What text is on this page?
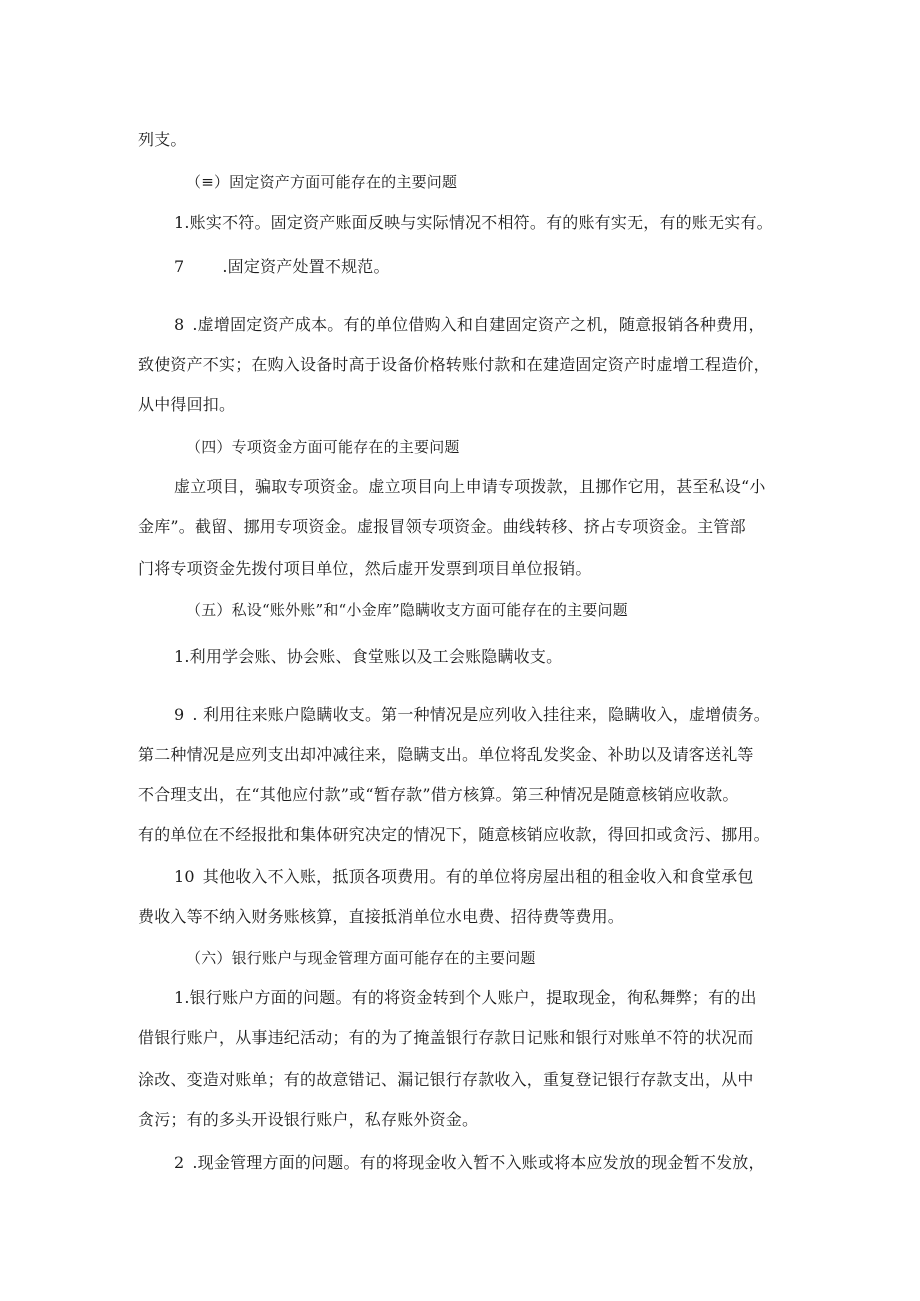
列支。
（≡）固定资产方面可能存在的主要问题
1.账实不符。固定资产账面反映与实际情况不相符。有的账有实无，有的账无实有。
7 .固定资产处置不规范。
8 .虚增固定资产成本。有的单位借购入和自建固定资产之机，随意报销各种费用，
致使资产不实；在购入设备时高于设备价格转账付款和在建造固定资产时虚增工程造价，
从中得回扣。
（四）专项资金方面可能存在的主要问题
虚立项目，骗取专项资金。虚立项目向上申请专项拨款，且挪作它用，甚至私设“小
金库”。截留、挪用专项资金。虚报冒领专项资金。曲线转移、挤占专项资金。主管部
门将专项资金先拨付项目单位，然后虚开发票到项目单位报销。
（五）私设“账外账”和“小金库”隐瞒收支方面可能存在的主要问题
1.利用学会账、协会账、食堂账以及工会账隐瞒收支。
9 . 利用往来账户隐瞒收支。第一种情况是应列收入挂往来，隐瞒收入，虚增债务。
第二种情况是应列支出却冲减往来，隐瞒支出。单位将乱发奖金、补助以及请客送礼等
不合理支出，在“其他应付款”或“暂存款”借方核算。第三种情况是随意核销应收款。
有的单位在不经报批和集体研究决定的情况下，随意核销应收款，得回扣或贪污、挪用。
10 其他收入不入账，抵顶各项费用。有的单位将房屋出租的租金收入和食堂承包
费收入等不纳入财务账核算，直接抵消单位水电费、招待费等费用。
（六）银行账户与现金管理方面可能存在的主要问题
1.银行账户方面的问题。有的将资金转到个人账户，提取现金，徇私舞弊；有的出
借银行账户，从事违纪活动；有的为了掩盖银行存款日记账和银行对账单不符的状况而
涂改、变造对账单；有的故意错记、漏记银行存款收入，重复登记银行存款支出，从中
贪污；有的多头开设银行账户，私存账外资金。
2 .现金管理方面的问题。有的将现金收入暂不入账或将本应发放的现金暂不发放，
